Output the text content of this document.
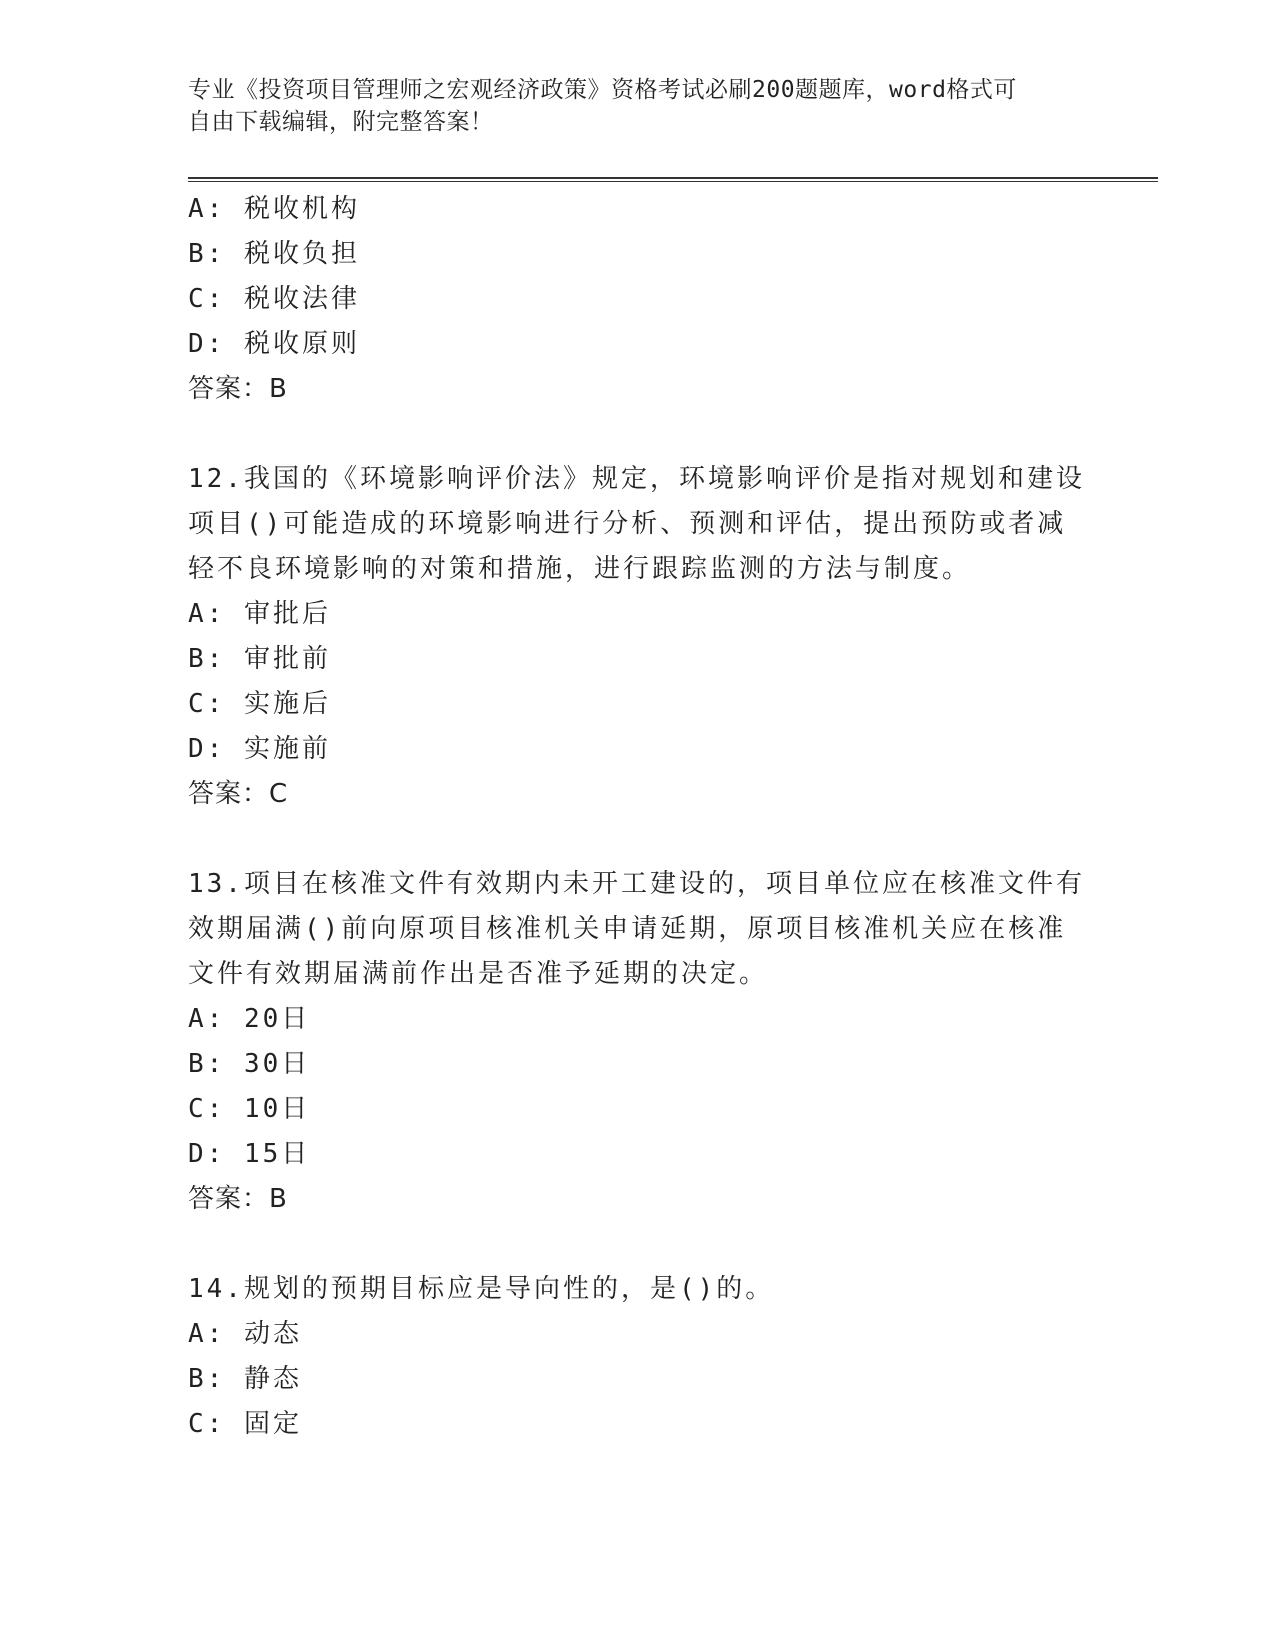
专业《投资项目管理师之宏观经济政策》资格考试必刷200题题库，word格式可
自由下载编辑，附完整答案！
A: 税收机构
B: 税收负担
C: 税收法律
D: 税收原则
答案：B
12.我国的《环境影响评价法》规定，环境影响评价是指对规划和建设
项目()可能造成的环境影响进行分析、预测和评估，提出预防或者减
轻不良环境影响的对策和措施，进行跟踪监测的方法与制度。
A: 审批后
B: 审批前
C: 实施后
D: 实施前
答案：C
13.项目在核准文件有效期内未开工建设的，项目单位应在核准文件有
效期届满()前向原项目核准机关申请延期，原项目核准机关应在核准
文件有效期届满前作出是否准予延期的决定。
A: 20日
B: 30日
C: 10日
D: 15日
答案：B
14.规划的预期目标应是导向性的，是()的。
A: 动态
B: 静态
C: 固定
